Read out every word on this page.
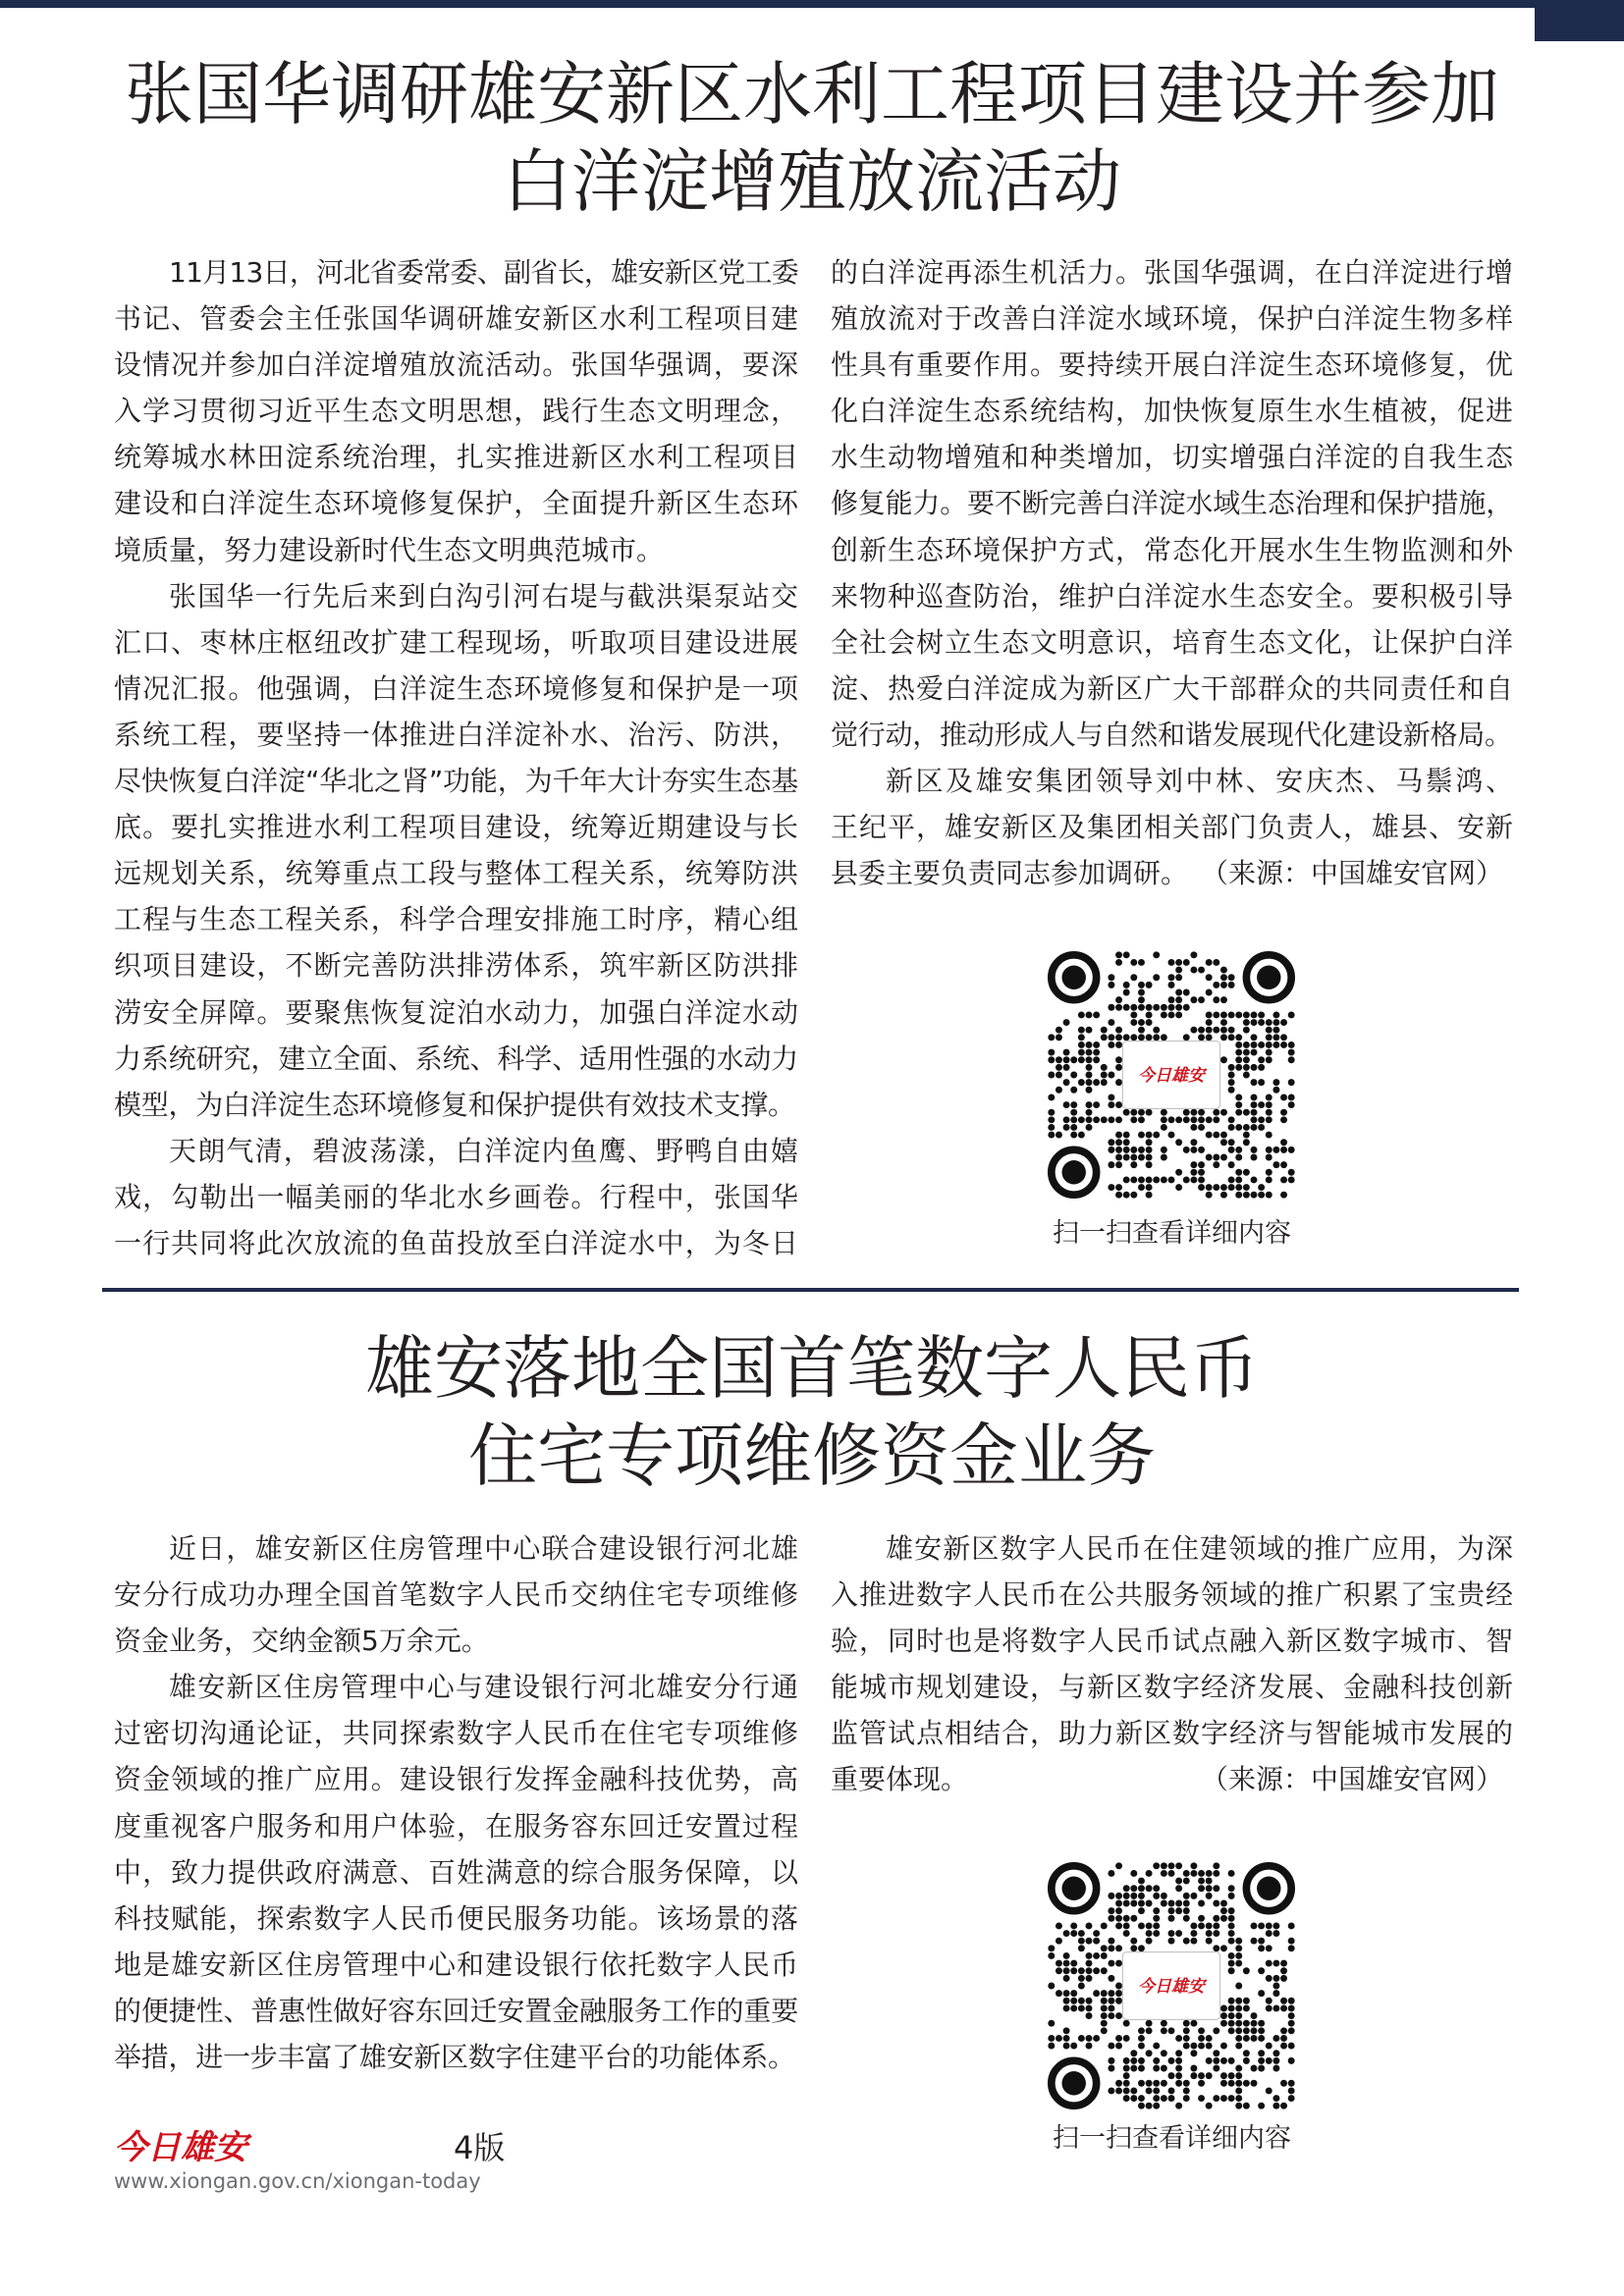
张国华调研雄安新区水利工程项目建设并参加
白洋淀增殖放流活动
11月13日，河北省委常委、副省长，雄安新区党工委
书记、管委会主任张国华调研雄安新区水利工程项目建
设情况并参加白洋淀增殖放流活动。张国华强调，要深
入学习贯彻习近平生态文明思想，践行生态文明理念，
统筹城水林田淀系统治理，扎实推进新区水利工程项目
建设和白洋淀生态环境修复保护，全面提升新区生态环
境质量，努力建设新时代生态文明典范城市。
张国华一行先后来到白沟引河右堤与截洪渠泵站交
汇口、枣林庄枢纽改扩建工程现场，听取项目建设进展
情况汇报。他强调，白洋淀生态环境修复和保护是一项
系统工程，要坚持一体推进白洋淀补水、治污、防洪，
尽快恢复白洋淀“华北之肾”功能，为千年大计夯实生态基
底。要扎实推进水利工程项目建设，统筹近期建设与长
远规划关系，统筹重点工段与整体工程关系，统筹防洪
工程与生态工程关系，科学合理安排施工时序，精心组
织项目建设，不断完善防洪排涝体系，筑牢新区防洪排
涝安全屏障。要聚焦恢复淀泊水动力，加强白洋淀水动
力系统研究，建立全面、系统、科学、适用性强的水动力
模型，为白洋淀生态环境修复和保护提供有效技术支撑。
天朗气清，碧波荡漾，白洋淀内鱼鹰、野鸭自由嬉
戏，勾勒出一幅美丽的华北水乡画卷。行程中，张国华
一行共同将此次放流的鱼苗投放至白洋淀水中，为冬日
的白洋淀再添生机活力。张国华强调，在白洋淀进行增
殖放流对于改善白洋淀水域环境，保护白洋淀生物多样
性具有重要作用。要持续开展白洋淀生态环境修复，优
化白洋淀生态系统结构，加快恢复原生水生植被，促进
水生动物增殖和种类增加，切实增强白洋淀的自我生态
修复能力。要不断完善白洋淀水域生态治理和保护措施，
创新生态环境保护方式，常态化开展水生生物监测和外
来物种巡查防治，维护白洋淀水生态安全。要积极引导
全社会树立生态文明意识，培育生态文化，让保护白洋
淀、热爱白洋淀成为新区广大干部群众的共同责任和自
觉行动，推动形成人与自然和谐发展现代化建设新格局。
新区及雄安集团领导刘中林、安庆杰、马鬃鸿、
王纪平，雄安新区及集团相关部门负责人，雄县、安新
县委主要负责同志参加调研。 （来源：中国雄安官网）
今日雄安
扫一扫查看详细内容
雄安落地全国首笔数字人民币
住宅专项维修资金业务
近日，雄安新区住房管理中心联合建设银行河北雄
安分行成功办理全国首笔数字人民币交纳住宅专项维修
资金业务，交纳金额5万余元。
雄安新区住房管理中心与建设银行河北雄安分行通
过密切沟通论证，共同探索数字人民币在住宅专项维修
资金领域的推广应用。建设银行发挥金融科技优势，高
度重视客户服务和用户体验，在服务容东回迁安置过程
中，致力提供政府满意、百姓满意的综合服务保障，以
科技赋能，探索数字人民币便民服务功能。该场景的落
地是雄安新区住房管理中心和建设银行依托数字人民币
的便捷性、普惠性做好容东回迁安置金融服务工作的重要
举措，进一步丰富了雄安新区数字住建平台的功能体系。
雄安新区数字人民币在住建领域的推广应用，为深
入推进数字人民币在公共服务领域的推广积累了宝贵经
验，同时也是将数字人民币试点融入新区数字城市、智
能城市规划建设，与新区数字经济发展、金融科技创新
监管试点相结合，助力新区数字经济与智能城市发展的
重要体现。	（来源：中国雄安官网）
今日雄安
扫一扫查看详细内容
今日雄安	4版
www.xiongan.gov.cn/xiongan-today
